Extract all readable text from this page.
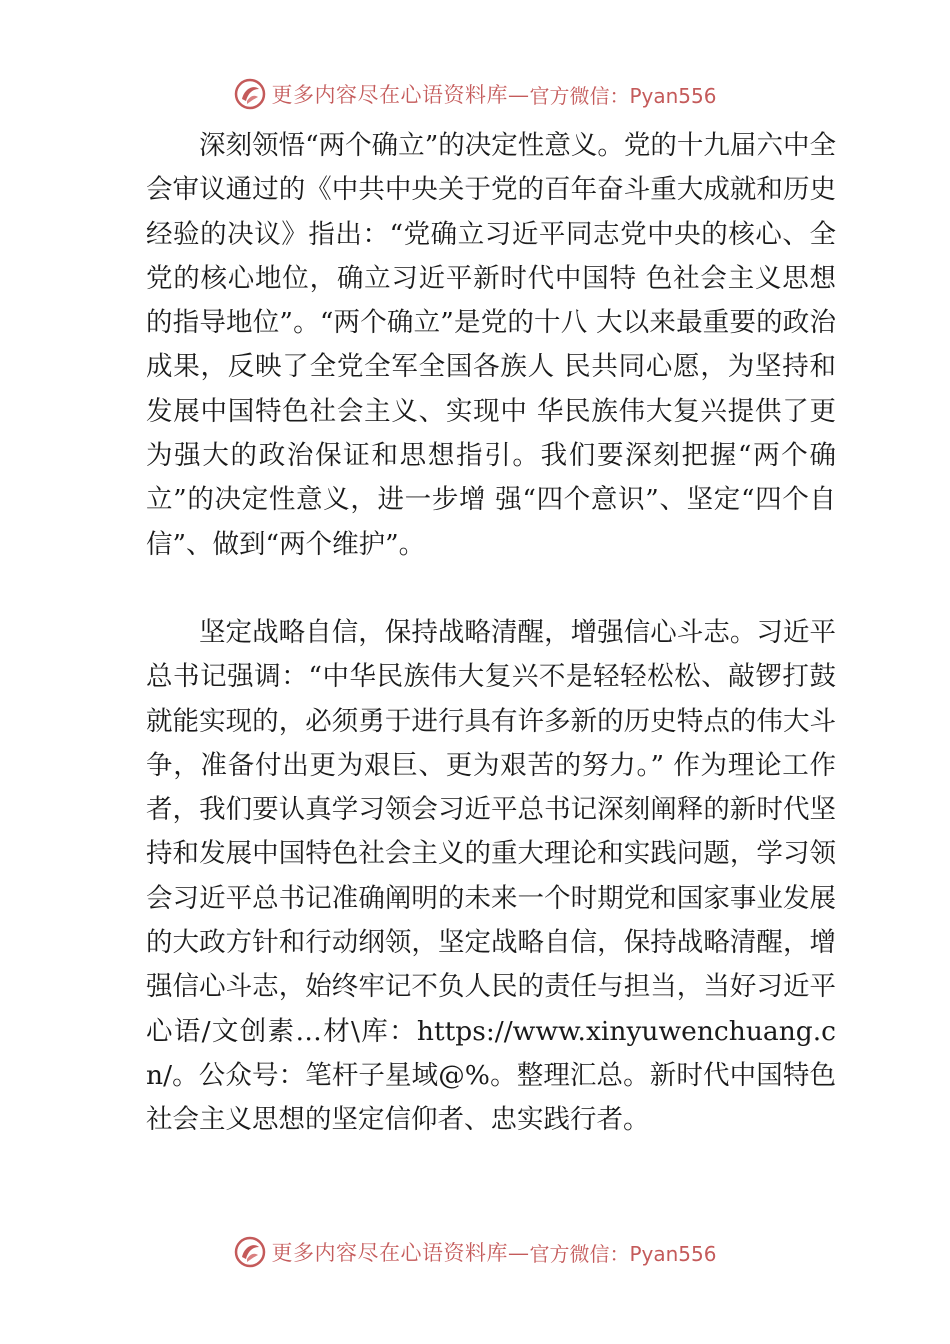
更多内容尽在心语资料库— 官方微信：Pyan556

深刻领悟“两个确立”的决定性意义。党的十九届六中全会审议通过的《中共中央关于党的百年奋斗重大成就和历史经验的决议》指出：“党确立习近平同志党中央的核心、全党的核心地位，确立习近平新时代中国特 色社会主义思想的指导地位”。“两个确立”是党的十八 大以来最重要的政治成果，反映了全党全军全国各族人 民共同心愿，为坚持和发展中国特色社会主义、实现中 华民族伟大复兴提供了更为强大的政治保证和思想指引。我们要深刻把握“两个确立”的决定性意义，进一步增 强“四个意识”、坚定“四个自信”、做到“两个维护”。

坚定战略自信，保持战略清醒，增强信心斗志。习近平总书记强调：“中华民族伟大复兴不是轻轻松松、敲锣打鼓就能实现的，必须勇于进行具有许多新的历史特点的伟大斗争，准备付出更为艰巨、更为艰苦的努力。” 作为理论工作者，我们要认真学习领会习近平总书记深刻阐释的新时代坚持和发展中国特色社会主义的重大理论和实践问题，学习领会习近平总书记准确阐明的未来一个时期党和国家事业发展的大政方针和行动纲领，坚定战略自信，保持战略清醒，增强信心斗志，始终牢记不负人民的责任与担当，当好习近平心语/文创素…材\库：https://www.xinyuwenchuang.cn/。公众号：笔杆子星域@%。整理汇总。新时代中国特色社会主义思想的坚定信仰者、忠实践行者。

更多内容尽在心语资料库— 官方微信：Pyan556
